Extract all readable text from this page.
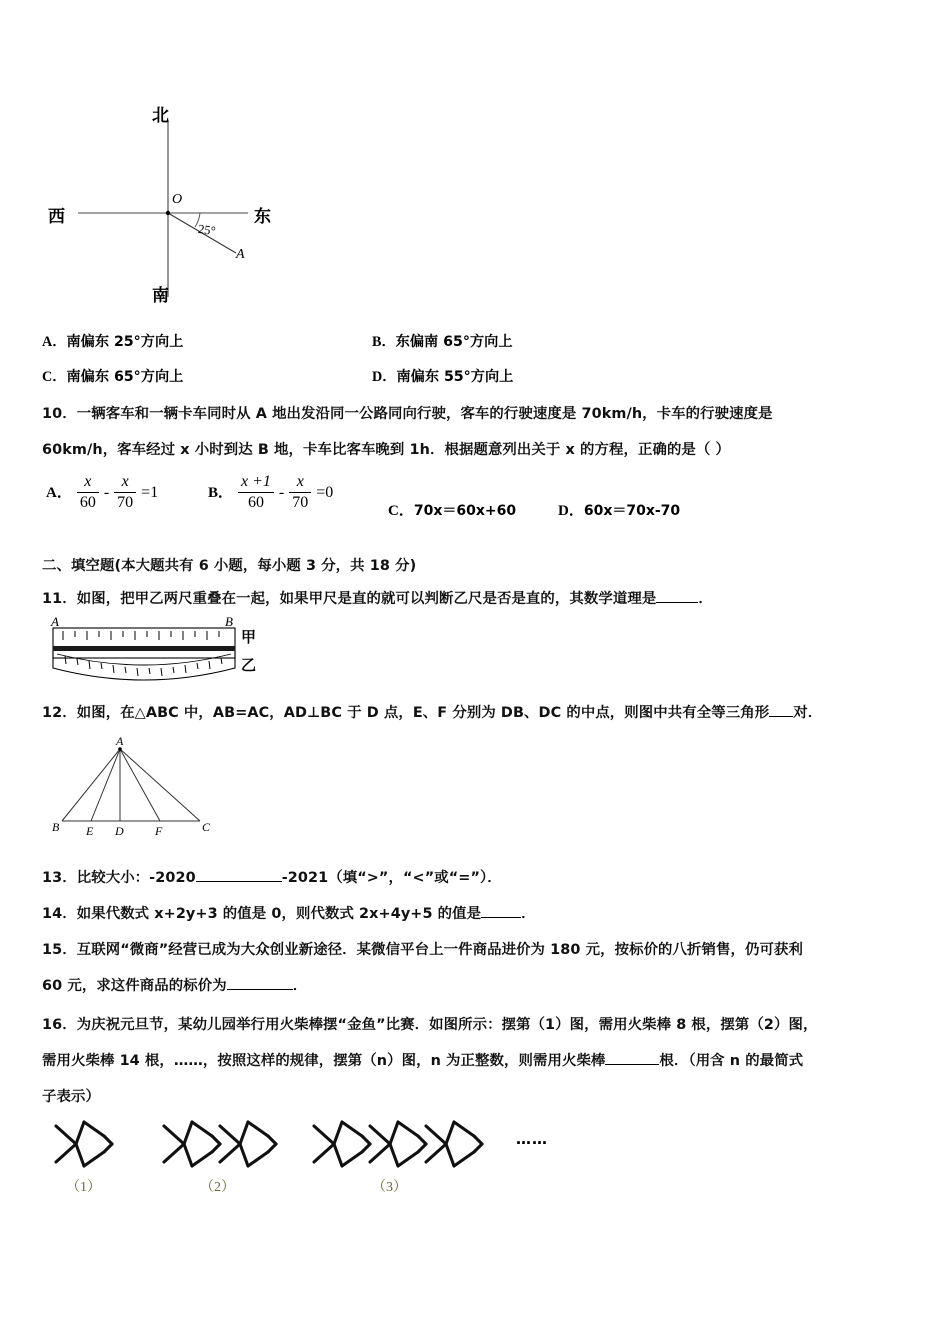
北
南
东
西
O
A
25°
A．南偏东 25°方向上	B．东偏南 65°方向上
C．南偏东 65°方向上	D．南偏东 55°方向上
10．一辆客车和一辆卡车同时从 A 地出发沿同一公路同向行驶，客车的行驶速度是 70km/h，卡车的行驶速度是
60km/h，客车经过 x 小时到达 B 地，卡车比客车晚到 1h．根据题意列出关于 x 的方程，正确的是（ ）
A． $\frac{x}{60} - \frac{x}{70} =1$	B． $\frac{x +1}{60} - \frac{x}{70} =0$
C．70x＝60x+60	D．60x＝70x-70
二、填空题(本大题共有 6 小题，每小题 3 分，共 18 分)
11．如图，把甲乙两尺重叠在一起，如果甲尺是直的就可以判断乙尺是否是直的，其数学道理是	．
A	B
甲
乙
12．如图，在△ABC 中，AB=AC，AD⊥BC 于 D 点，E、F 分别为 DB、DC 的中点，则图中共有全等三角形 对．
A
B	C
E D	F
13．比较大小：-2020	-2021（填“>”，“<”或“=”）．
14．如果代数式 x+2y+3 的值是 0，则代数式 2x+4y+5 的值是	．
15．互联网“微商”经营已成为大众创业新途径．某微信平台上一件商品进价为 180 元，按标价的八折销售，仍可获利
60 元，求这件商品的标价为	．
16．为庆祝元旦节，某幼儿园举行用火柴棒摆“金鱼”比赛．如图所示：摆第（1）图，需用火柴棒 8 根，摆第（2）图，
需用火柴棒 14 根，……，按照这样的规律，摆第（n）图，n 为正整数，则需用火柴棒	根．（用含 n 的最简式
子表示）
（1）	（2）	（3）
……
